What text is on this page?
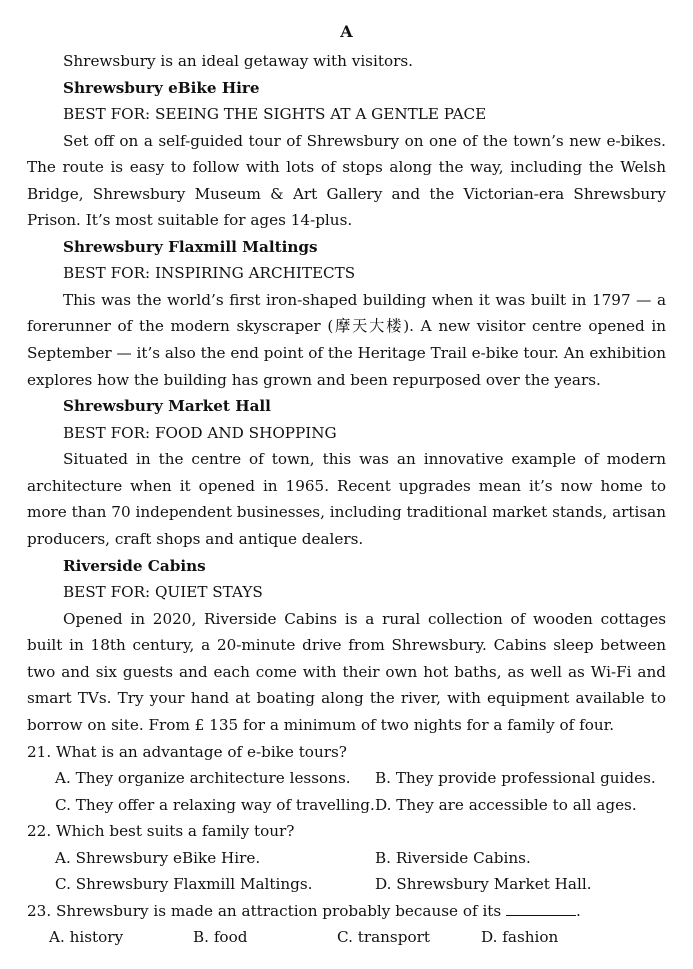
A
Shrewsbury is an ideal getaway with visitors.
Shrewsbury eBike Hire
BEST FOR: SEEING THE SIGHTS AT A GENTLE PACE
Set off on a self-guided tour of Shrewsbury on one of the town’s new e-bikes. The route is easy to follow with lots of stops along the way, including the Welsh Bridge, Shrewsbury Museum & Art Gallery and the Victorian-era Shrewsbury Prison. It’s most suitable for ages 14-plus.
Shrewsbury Flaxmill Maltings
BEST FOR: INSPIRING ARCHITECTS
This was the world’s first iron-shaped building when it was built in 1797 — a forerunner of the modern skyscraper (摩天大楼). A new visitor centre opened in September — it’s also the end point of the Heritage Trail e-bike tour. An exhibition explores how the building has grown and been repurposed over the years.
Shrewsbury Market Hall
BEST FOR: FOOD AND SHOPPING
Situated in the centre of town, this was an innovative example of modern architecture when it opened in 1965. Recent upgrades mean it’s now home to more than 70 independent businesses, including traditional market stands, artisan producers, craft shops and antique dealers.
Riverside Cabins
BEST FOR: QUIET STAYS
Opened in 2020, Riverside Cabins is a rural collection of wooden cottages built in 18th century, a 20-minute drive from Shrewsbury. Cabins sleep between two and six guests and each come with their own hot baths, as well as Wi-Fi and smart TVs. Try your hand at boating along the river, with equipment available to borrow on site. From £ 135 for a minimum of two nights for a family of four.
21. What is an advantage of e-bike tours?
A. They organize architecture lessons.	B. They provide professional guides.
C. They offer a relaxing way of travelling. D. They are accessible to all ages.
22. Which best suits a family tour?
A. Shrewsbury eBike Hire.	B. Riverside Cabins.
C. Shrewsbury Flaxmill Maltings.	D. Shrewsbury Market Hall.
23. Shrewsbury is made an attraction probably because of its	.
A. history	B. food	C. transport	D. fashion
